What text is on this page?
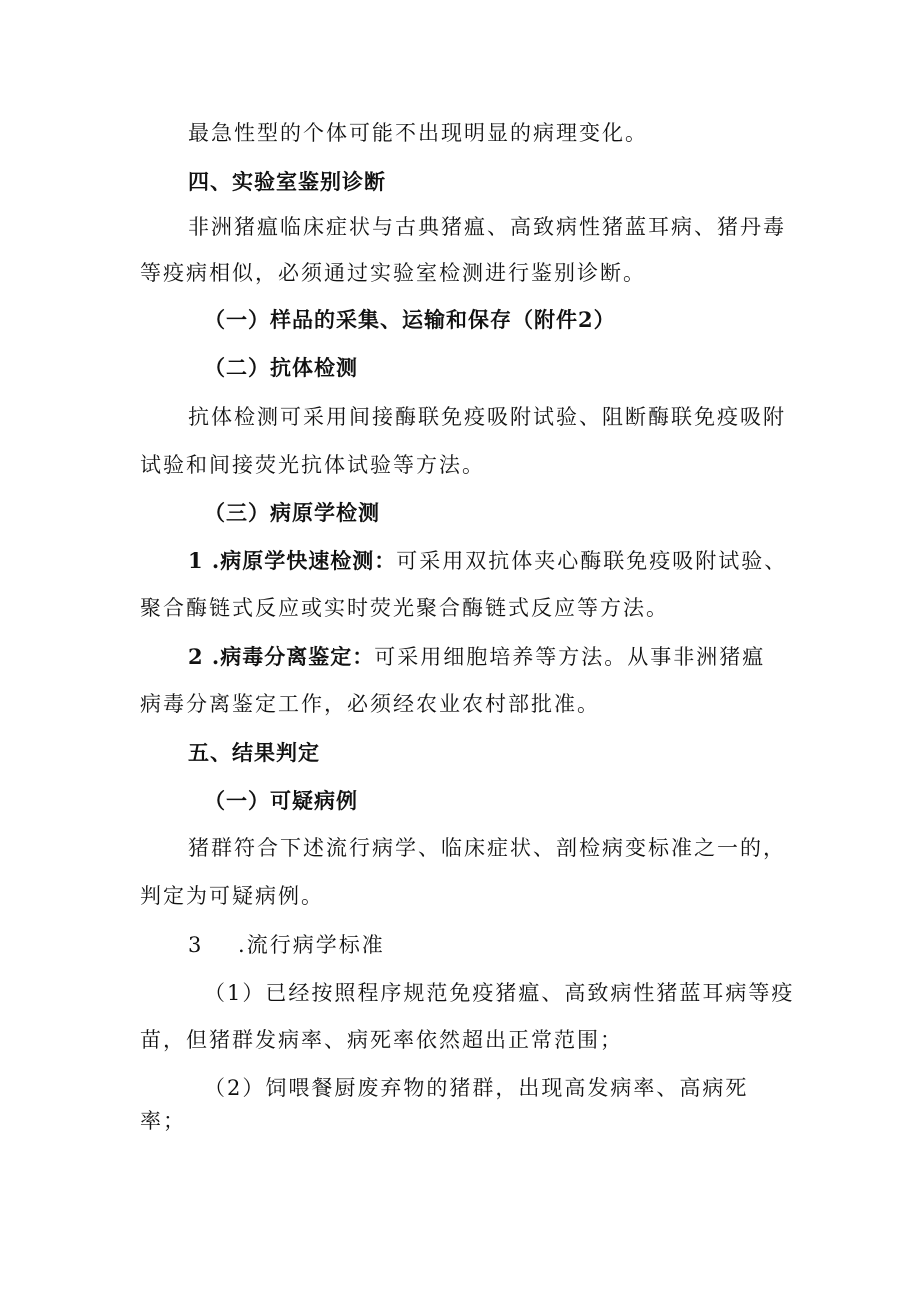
最急性型的个体可能不出现明显的病理变化。
四、实验室鉴别诊断
非洲猪瘟临床症状与古典猪瘟、高致病性猪蓝耳病、猪丹毒
等疫病相似，必须通过实验室检测进行鉴别诊断。
（一）样品的采集、运输和保存（附件2）
（二）抗体检测
抗体检测可采用间接酶联免疫吸附试验、阻断酶联免疫吸附
试验和间接荧光抗体试验等方法。
（三）病原学检测
1 .病原学快速检测：可采用双抗体夹心酶联免疫吸附试验、
聚合酶链式反应或实时荧光聚合酶链式反应等方法。
2 .病毒分离鉴定：可采用细胞培养等方法。从事非洲猪瘟
病毒分离鉴定工作，必须经农业农村部批准。
五、结果判定
（一）可疑病例
猪群符合下述流行病学、临床症状、剖检病变标准之一的，
判定为可疑病例。
3    .流行病学标准
（1）已经按照程序规范免疫猪瘟、高致病性猪蓝耳病等疫
苗，但猪群发病率、病死率依然超出正常范围；
（2）饲喂餐厨废弃物的猪群，出现高发病率、高病死
率；
